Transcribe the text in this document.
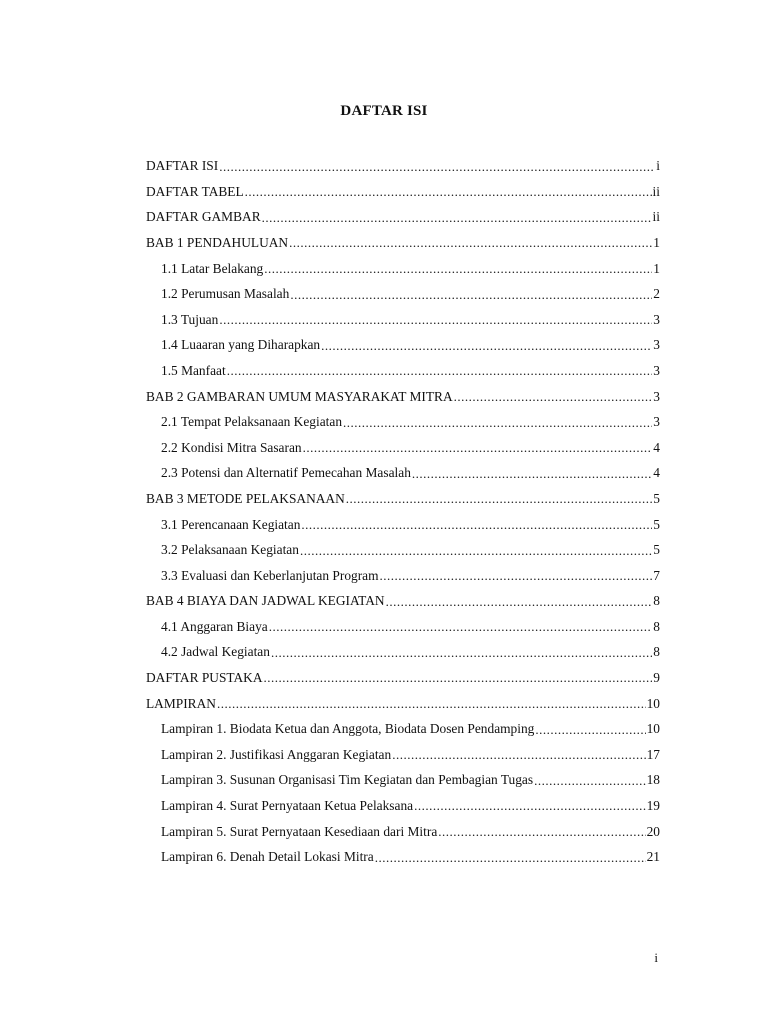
DAFTAR ISI
DAFTAR ISI .....	i
DAFTAR TABEL .....	ii
DAFTAR GAMBAR .....	ii
BAB 1 PENDAHULUAN .....	1
1.1 Latar Belakang .....	1
1.2 Perumusan Masalah .....	2
1.3 Tujuan .....	3
1.4 Luaaran yang Diharapkan .....	3
1.5 Manfaat .....	3
BAB 2 GAMBARAN UMUM MASYARAKAT MITRA .....	3
2.1 Tempat Pelaksanaan Kegiatan .....	3
2.2 Kondisi Mitra Sasaran .....	4
2.3 Potensi dan Alternatif Pemecahan Masalah .....	4
BAB 3 METODE PELAKSANAAN .....	5
3.1 Perencanaan Kegiatan .....	5
3.2 Pelaksanaan Kegiatan .....	5
3.3 Evaluasi dan Keberlanjutan Program .....	7
BAB 4 BIAYA DAN JADWAL KEGIATAN .....	8
4.1 Anggaran Biaya .....	8
4.2 Jadwal Kegiatan .....	8
DAFTAR PUSTAKA .....	9
LAMPIRAN .....	10
Lampiran 1. Biodata Ketua dan Anggota, Biodata Dosen Pendamping .....	10
Lampiran 2. Justifikasi Anggaran Kegiatan .....	17
Lampiran 3. Susunan Organisasi Tim Kegiatan dan Pembagian Tugas .....	18
Lampiran 4. Surat Pernyataan Ketua Pelaksana .....	19
Lampiran 5. Surat Pernyataan Kesediaan dari Mitra .....	20
Lampiran 6. Denah Detail Lokasi Mitra .....	21
i
